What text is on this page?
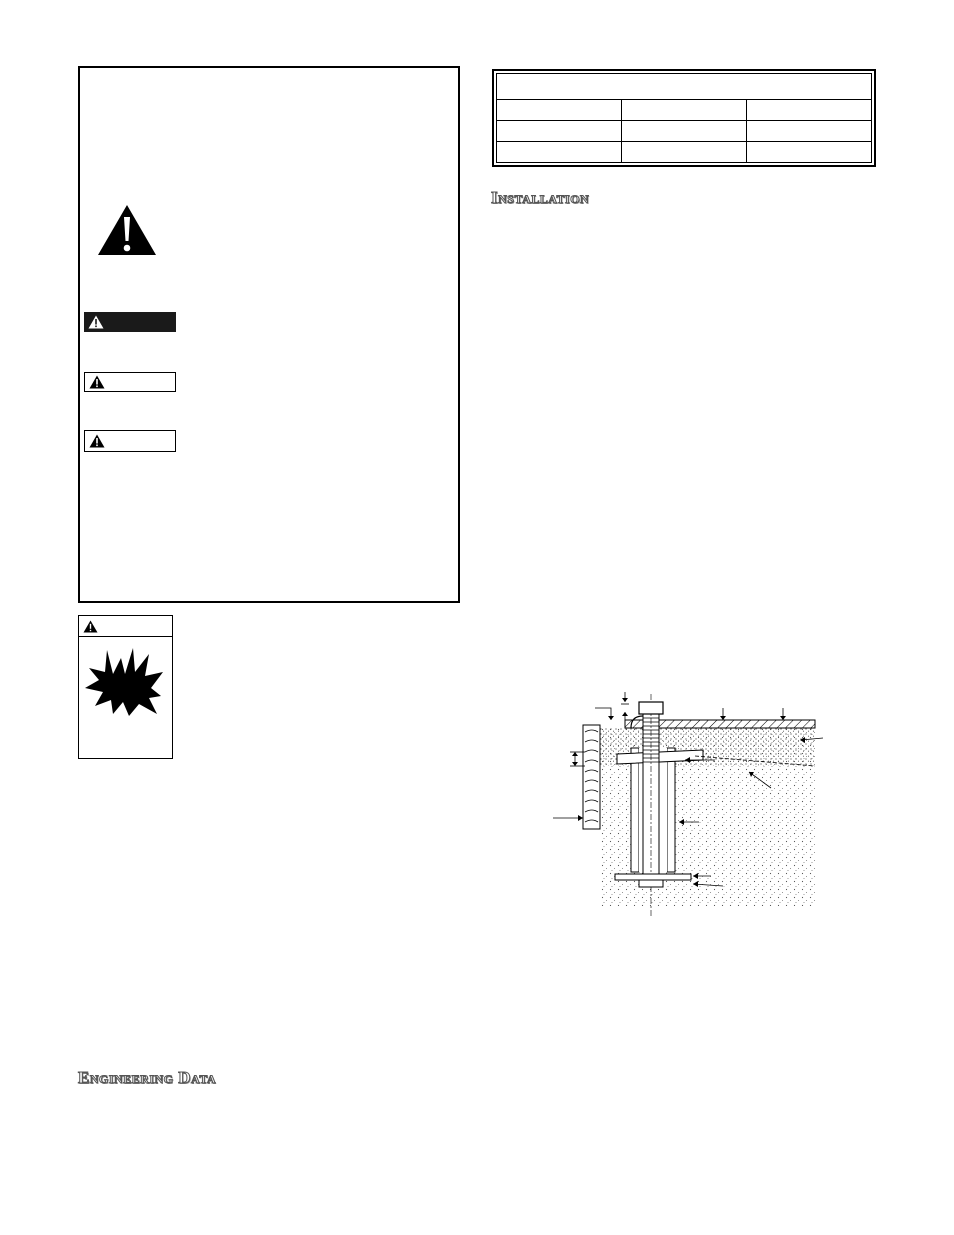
Installation
Engineering Data
